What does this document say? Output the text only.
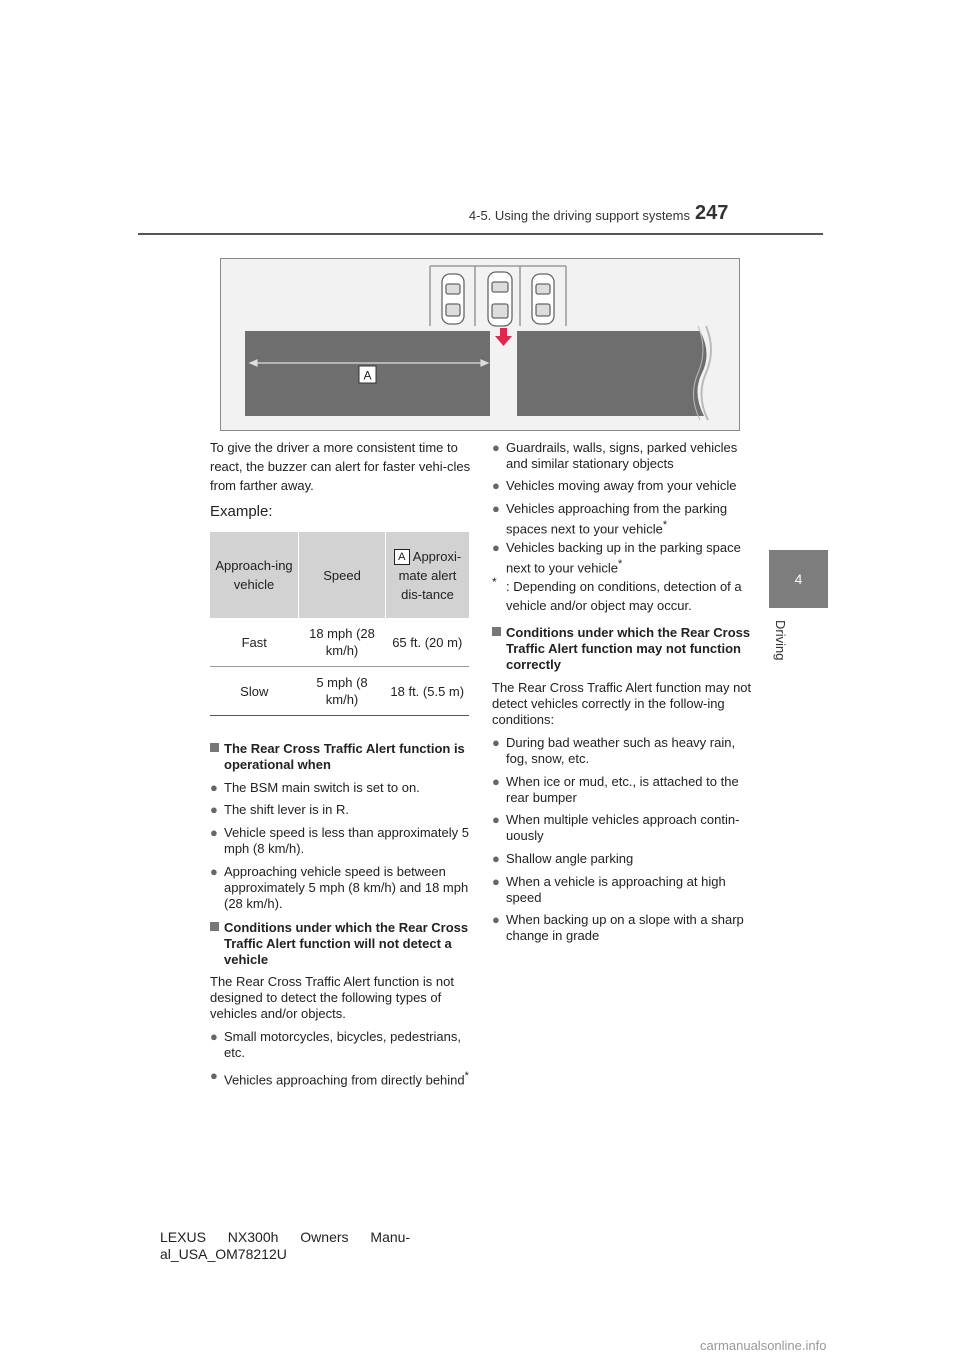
4-5. Using the driving support systems 247
4
Driving
A
To give the driver a more consistent time to react, the buzzer can alert for faster vehi-cles from farther away.
Example:
Approach-ing vehicle	Speed	A Approxi-mate alert dis-tance
Fast	18 mph (28 km/h)	65 ft. (20 m)
Slow	5 mph (8 km/h)	18 ft. (5.5 m)
The Rear Cross Traffic Alert function is operational when
● The BSM main switch is set to on.
● The shift lever is in R.
● Vehicle speed is less than approximately 5 mph (8 km/h).
● Approaching vehicle speed is between approximately 5 mph (8 km/h) and 18 mph (28 km/h).
Conditions under which the Rear Cross Traffic Alert function will not detect a vehicle
The Rear Cross Traffic Alert function is not designed to detect the following types of vehicles and/or objects.
● Small motorcycles, bicycles, pedestrians, etc.
● Vehicles approaching from directly behind*
● Guardrails, walls, signs, parked vehicles and similar stationary objects
● Vehicles moving away from your vehicle
● Vehicles approaching from the parking spaces next to your vehicle*
● Vehicles backing up in the parking space next to your vehicle*
* : Depending on conditions, detection of a vehicle and/or object may occur.
Conditions under which the Rear Cross Traffic Alert function may not function correctly
The Rear Cross Traffic Alert function may not detect vehicles correctly in the follow-ing conditions:
● During bad weather such as heavy rain, fog, snow, etc.
● When ice or mud, etc., is attached to the rear bumper
● When multiple vehicles approach contin-uously
● Shallow angle parking
● When a vehicle is approaching at high speed
● When backing up on a slope with a sharp change in grade
LEXUS NX300h Owners Manu-
al_USA_OM78212U
carmanualsonline.info
